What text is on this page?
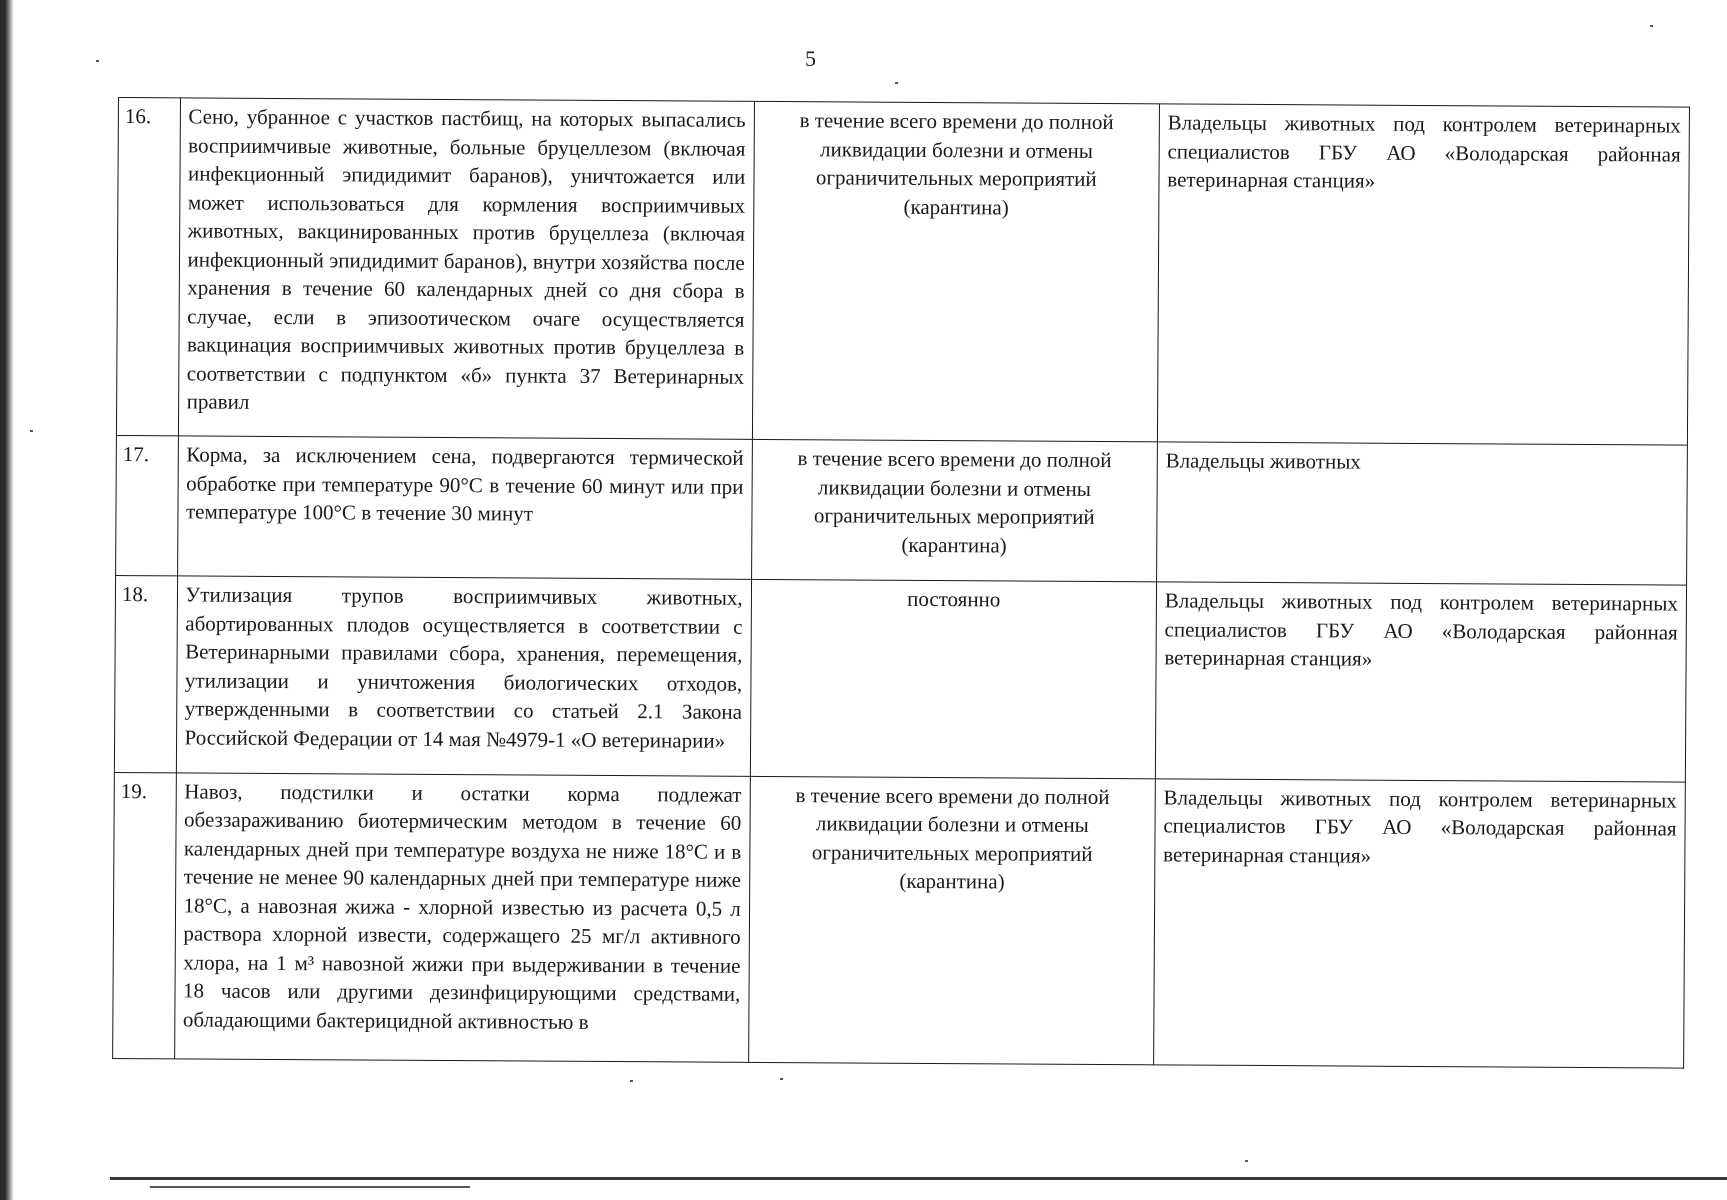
5
16.	Сено, убранное с участков пастбищ, на которых выпасались восприимчивые животные, больные бруцеллезом (включая инфекционный эпидидимит баранов), уничтожается или может использоваться для кормления восприимчивых животных, вакцинированных против бруцеллеза (включая инфекционный эпидидимит баранов), внутри хозяйства после хранения в течение 60 календарных дней со дня сбора в случае, если в эпизоотическом очаге осуществляется вакцинация восприимчивых животных против бруцеллеза в соответствии с подпунктом «б» пункта 37 Ветеринарных правил	в течение всего времени до полной ликвидации болезни и отмены ограничительных мероприятий (карантина)	Владельцы животных под контролем ветеринарных специалистов ГБУ АО «Володарская районная ветеринарная станция»
17.	Корма, за исключением сена, подвергаются термической обработке при температуре 90°С в течение 60 минут или при температуре 100°С в течение 30 минут	в течение всего времени до полной ликвидации болезни и отмены ограничительных мероприятий (карантина)	Владельцы животных
18.	Утилизация трупов восприимчивых животных, абортированных плодов осуществляется в соответствии с Ветеринарными правилами сбора, хранения, перемещения, утилизации и уничтожения биологических отходов, утвержденными в соответствии со статьей 2.1 Закона Российской Федерации от 14 мая №4979-1 «О ветеринарии»	постоянно	Владельцы животных под контролем ветеринарных специалистов ГБУ АО «Володарская районная ветеринарная станция»
19.	Навоз, подстилки и остатки корма подлежат обеззараживанию биотермическим методом в течение 60 календарных дней при температуре воздуха не ниже 18°С и в течение не менее 90 календарных дней при температуре ниже 18°С, а навозная жижа - хлорной известью из расчета 0,5 л раствора хлорной извести, содержащего 25 мг/л активного хлора, на 1 м³ навозной жижи при выдерживании в течение 18 часов или другими дезинфицирующими средствами, обладающими бактерицидной активностью в	в течение всего времени до полной ликвидации болезни и отмены ограничительных мероприятий (карантина)	Владельцы животных под контролем ветеринарных специалистов ГБУ АО «Володарская районная ветеринарная станция»
